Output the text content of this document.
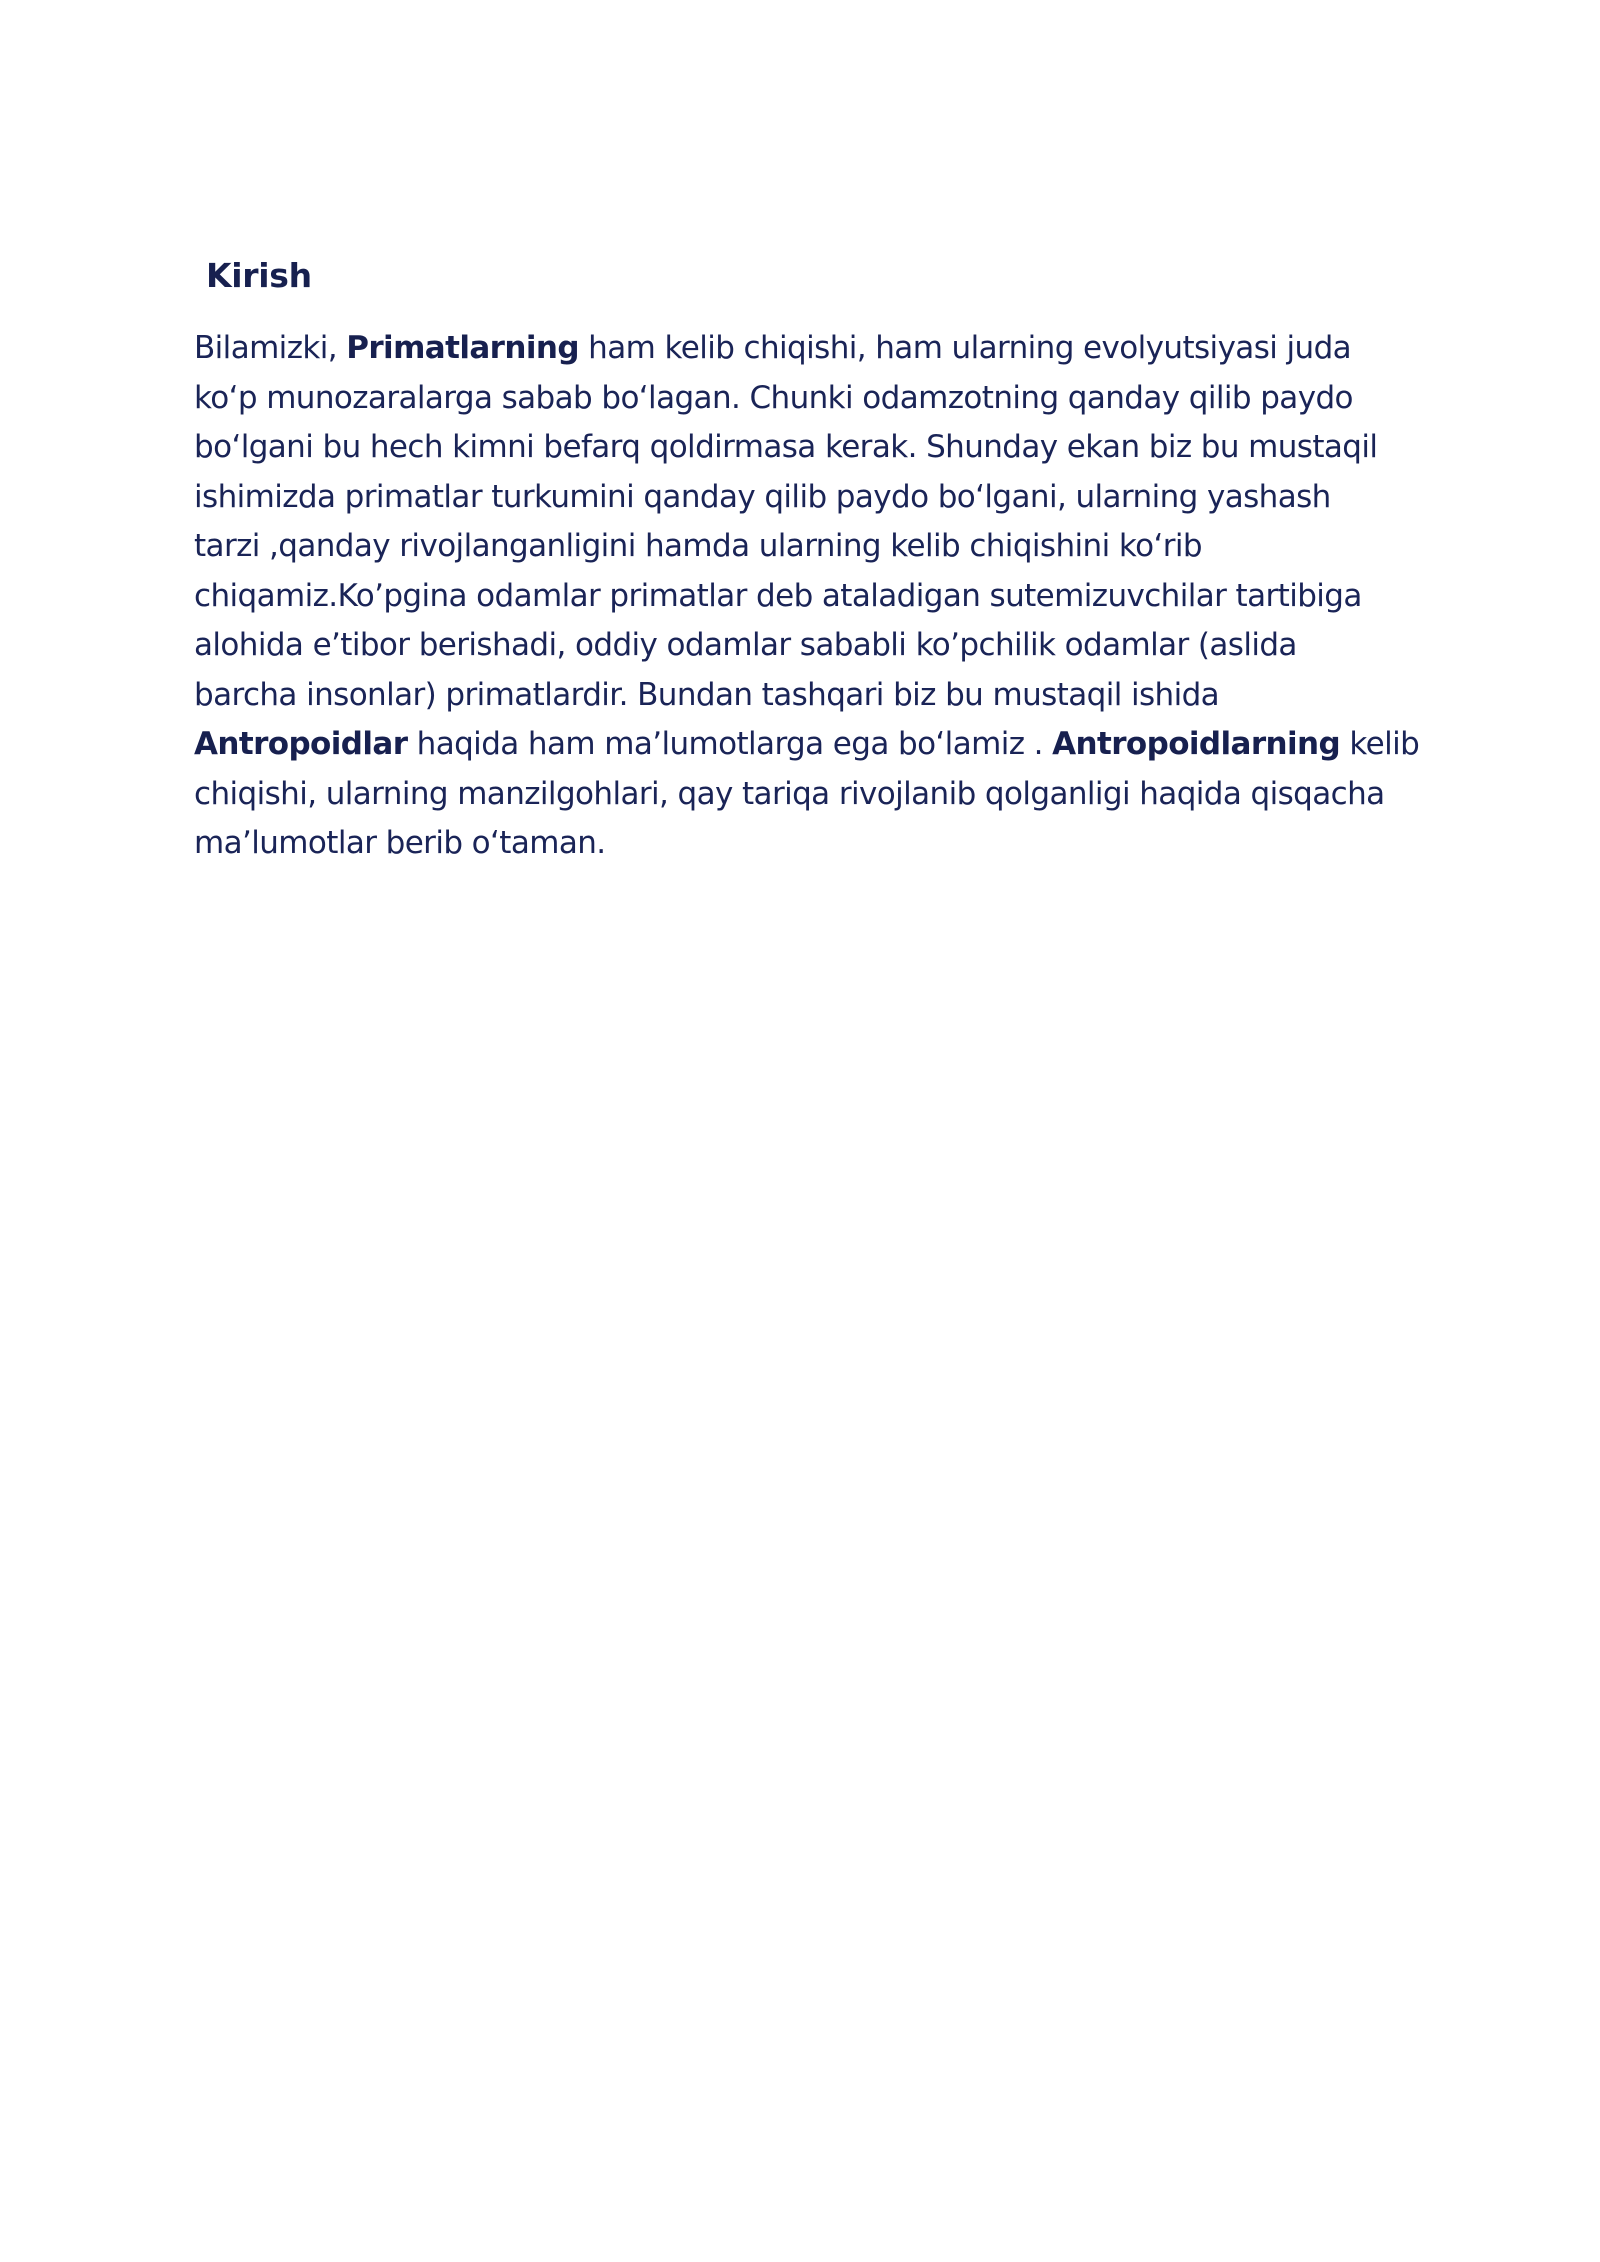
Kirish
Bilamizki, Primatlarning ham kelib chiqishi, ham ularning evolyutsiyasi juda
ko‘p munozaralarga sabab bo‘lagan. Chunki odamzotning qanday qilib paydo
bo‘lgani bu hech kimni befarq qoldirmasa kerak. Shunday ekan biz bu mustaqil
ishimizda primatlar turkumini qanday qilib paydo bo‘lgani, ularning yashash
tarzi ,qanday rivojlanganligini hamda ularning kelib chiqishini ko‘rib
chiqamiz.Ko’pgina odamlar primatlar deb ataladigan sutemizuvchilar tartibiga
alohida e’tibor berishadi, oddiy odamlar sababli ko’pchilik odamlar (aslida
barcha insonlar) primatlardir. Bundan tashqari biz bu mustaqil ishida
Antropoidlar haqida ham ma’lumotlarga ega bo‘lamiz . Antropoidlarning kelib
chiqishi, ularning manzilgohlari, qay tariqa rivojlanib qolganligi haqida qisqacha
ma’lumotlar berib o‘taman.
